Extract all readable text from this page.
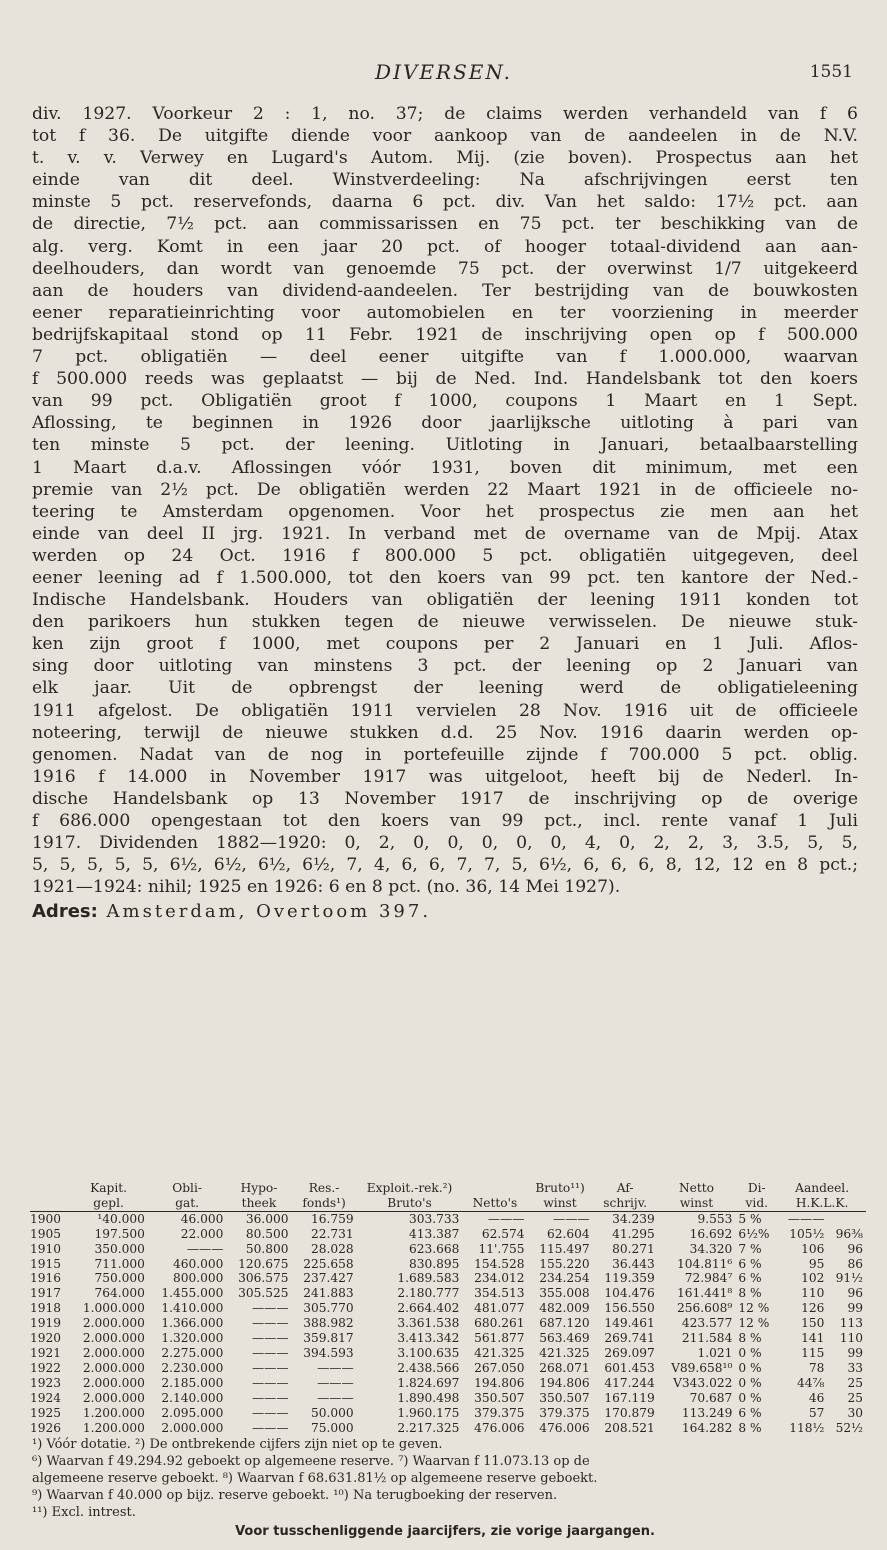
DIVERSEN.	1551
div. 1927. Voorkeur 2 : 1, no. 37; de claims werden verhandeld van f 6
tot f 36. De uitgifte diende voor aankoop van de aandeelen in de N.V.
t. v. v. Verwey en Lugard's Autom. Mij. (zie boven). Prospectus aan het
einde van dit deel. Winstverdeeling: Na afschrijvingen eerst ten
minste 5 pct. reservefonds, daarna 6 pct. div. Van het saldo: 17½ pct. aan
de directie, 7½ pct. aan commissarissen en 75 pct. ter beschikking van de
alg. verg. Komt in een jaar 20 pct. of hooger totaal-dividend aan aan-
deelhouders, dan wordt van genoemde 75 pct. der overwinst 1/7 uitgekeerd
aan de houders van dividend-aandeelen. Ter bestrijding van de bouwkosten
eener reparatieinrichting voor automobielen en ter voorziening in meerder
bedrijfskapitaal stond op 11 Febr. 1921 de inschrijving open op f 500.000
7 pct. obligatiën — deel eener uitgifte van f 1.000.000, waarvan
f 500.000 reeds was geplaatst — bij de Ned. Ind. Handelsbank tot den koers
van 99 pct. Obligatiën groot f 1000, coupons 1 Maart en 1 Sept.
Aflossing, te beginnen in 1926 door jaarlijksche uitloting à pari van
ten minste 5 pct. der leening. Uitloting in Januari, betaalbaarstelling
1 Maart d.a.v. Aflossingen vóór 1931, boven dit minimum, met een
premie van 2½ pct. De obligatiën werden 22 Maart 1921 in de officieele no-
teering te Amsterdam opgenomen. Voor het prospectus zie men aan het
einde van deel II jrg. 1921. In verband met de overname van de Mpij. Atax
werden op 24 Oct. 1916 f 800.000 5 pct. obligatiën uitgegeven, deel
eener leening ad f 1.500.000, tot den koers van 99 pct. ten kantore der Ned.-
Indische Handelsbank. Houders van obligatiën der leening 1911 konden tot
den parikoers hun stukken tegen de nieuwe verwisselen. De nieuwe stuk-
ken zijn groot f 1000, met coupons per 2 Januari en 1 Juli. Aflos-
sing door uitloting van minstens 3 pct. der leening op 2 Januari van
elk jaar. Uit de opbrengst der leening werd de obligatieleening
1911 afgelost. De obligatiën 1911 vervielen 28 Nov. 1916 uit de officieele
noteering, terwijl de nieuwe stukken d.d. 25 Nov. 1916 daarin werden op-
genomen. Nadat van de nog in portefeuille zijnde f 700.000 5 pct. oblig.
1916 f 14.000 in November 1917 was uitgeloot, heeft bij de Nederl. In-
dische Handelsbank op 13 November 1917 de inschrijving op de overige
f 686.000 opengestaan tot den koers van 99 pct., incl. rente vanaf 1 Juli
1917. Dividenden 1882—1920: 0, 2, 0, 0, 0, 0, 0, 4, 0, 2, 2, 3, 3.5, 5, 5,
5, 5, 5, 5, 5, 6½, 6½, 6½, 6½, 7, 4, 6, 6, 7, 7, 5, 6½, 6, 6, 6, 8, 12, 12 en 8 pct.;
1921—1924: nihil; 1925 en 1926: 6 en 8 pct. (no. 36, 14 Mei 1927).
Adres: Amsterdam, Overtoom 397.
	Kapit.	Obli-	Hypo-	Res.-	Exploit.-rek.²)		Bruto¹¹)	Af-	Netto	Di-	Aandeel.	
	gepl.	gat.	theek	fonds¹)	Bruto's	Netto's	winst	schrijv.	winst	vid.	H.K.L.K.	
1900	¹40.000	46.000	36.000	16.759	303.733	———	———	34.239	9.553	5 %	———	
1905	197.500	22.000	80.500	22.731	413.387	62.574	62.604	41.295	16.692	6½%	105½	96⅜
1910	350.000	———	50.800	28.028	623.668	11'.755	115.497	80.271	34.320	7 %	106	96
1915	711.000	460.000	120.675	225.658	830.895	154.528	155.220	36.443	104.811⁶	6 %	95	86
1916	750.000	800.000	306.575	237.427	1.689.583	234.012	234.254	119.359	72.984⁷	6 %	102	91½
1917	764.000	1.455.000	305.525	241.883	2.180.777	354.513	355.008	104.476	161.441⁸	8 %	110	96
1918	1.000.000	1.410.000	———	305.770	2.664.402	481.077	482.009	156.550	256.608⁹	12 %	126	99
1919	2.000.000	1.366.000	———	388.982	3.361.538	680.261	687.120	149.461	423.577	12 %	150	113
1920	2.000.000	1.320.000	———	359.817	3.413.342	561.877	563.469	269.741	211.584	8 %	141	110
1921	2.000.000	2.275.000	———	394.593	3.100.635	421.325	421.325	269.097	1.021	0 %	115	99
1922	2.000.000	2.230.000	———	———	2.438.566	267.050	268.071	601.453	V89.658¹⁰	0 %	78	33
1923	2.000.000	2.185.000	———	———	1.824.697	194.806	194.806	417.244	V343.022	0 %	44⅞	25
1924	2.000.000	2.140.000	———	———	1.890.498	350.507	350.507	167.119	70.687	0 %	46	25
1925	1.200.000	2.095.000	———	50.000	1.960.175	379.375	379.375	170.879	113.249	6 %	57	30
1926	1.200.000	2.000.000	———	75.000	2.217.325	476.006	476.006	208.521	164.282	8 %	118½	52½
¹) Vóór dotatie. ²) De ontbrekende cijfers zijn niet op te geven.
⁶) Waarvan f 49.294.92 geboekt op algemeene reserve. ⁷) Waarvan f 11.073.13 op de
algemeene reserve geboekt. ⁸) Waarvan f 68.631.81½ op algemeene reserve geboekt.
⁹) Waarvan f 40.000 op bijz. reserve geboekt. ¹⁰) Na terugboeking der reserven.
¹¹) Excl. intrest.
Voor tusschenliggende jaarcijfers, zie vorige jaargangen.
